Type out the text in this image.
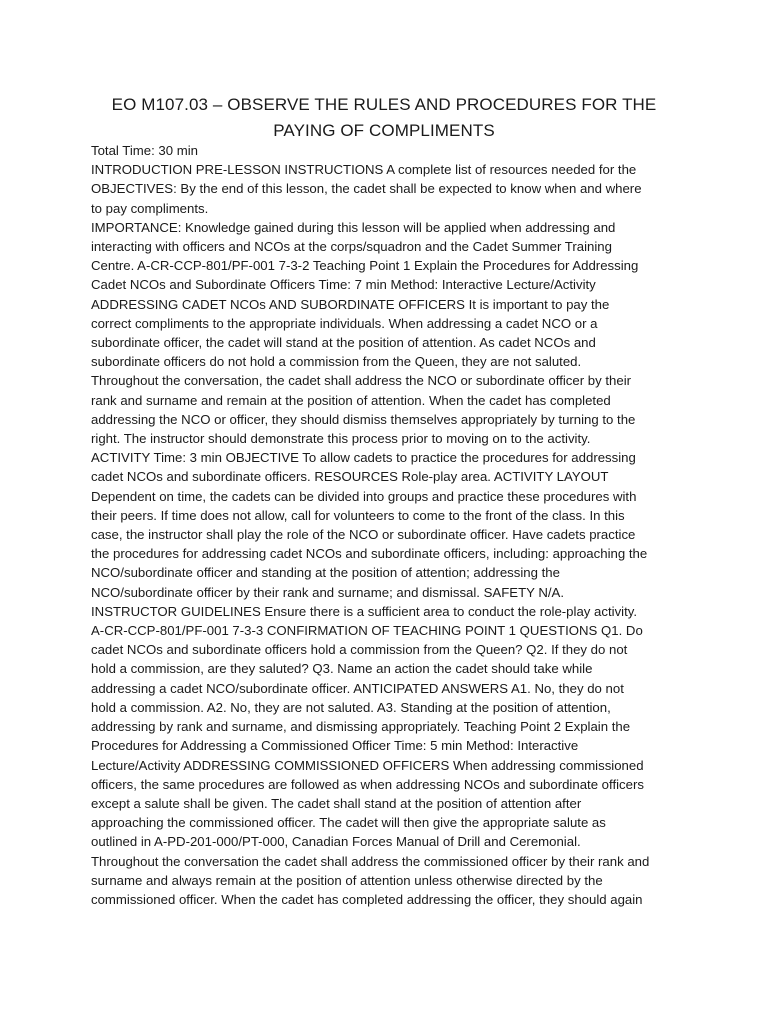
EO M107.03 – OBSERVE THE RULES AND PROCEDURES FOR THE
PAYING OF COMPLIMENTS
Total Time: 30 min
INTRODUCTION PRE-LESSON INSTRUCTIONS A complete list of resources needed for the
OBJECTIVES: By the end of this lesson, the cadet shall be expected to know when and where
to pay compliments.
IMPORTANCE: Knowledge gained during this lesson will be applied when addressing and
interacting with officers and NCOs at the corps/squadron and the Cadet Summer Training
Centre. A-CR-CCP-801/PF-001 7-3-2 Teaching Point 1 Explain the Procedures for Addressing
Cadet NCOs and Subordinate Officers Time: 7 min Method: Interactive Lecture/Activity
ADDRESSING CADET NCOs AND SUBORDINATE OFFICERS It is important to pay the
correct compliments to the appropriate individuals. When addressing a cadet NCO or a
subordinate officer, the cadet will stand at the position of attention. As cadet NCOs and
subordinate officers do not hold a commission from the Queen, they are not saluted.
Throughout the conversation, the cadet shall address the NCO or subordinate officer by their
rank and surname and remain at the position of attention. When the cadet has completed
addressing the NCO or officer, they should dismiss themselves appropriately by turning to the
right. The instructor should demonstrate this process prior to moving on to the activity.
ACTIVITY Time: 3 min OBJECTIVE To allow cadets to practice the procedures for addressing
cadet NCOs and subordinate officers. RESOURCES Role-play area. ACTIVITY LAYOUT
Dependent on time, the cadets can be divided into groups and practice these procedures with
their peers. If time does not allow, call for volunteers to come to the front of the class. In this
case, the instructor shall play the role of the NCO or subordinate officer. Have cadets practice
the procedures for addressing cadet NCOs and subordinate officers, including: approaching the
NCO/subordinate officer and standing at the position of attention; addressing the
NCO/subordinate officer by their rank and surname; and dismissal. SAFETY N/A.
INSTRUCTOR GUIDELINES Ensure there is a sufficient area to conduct the role-play activity.
A-CR-CCP-801/PF-001 7-3-3 CONFIRMATION OF TEACHING POINT 1 QUESTIONS Q1. Do
cadet NCOs and subordinate officers hold a commission from the Queen? Q2. If they do not
hold a commission, are they saluted? Q3. Name an action the cadet should take while
addressing a cadet NCO/subordinate officer. ANTICIPATED ANSWERS A1. No, they do not
hold a commission. A2. No, they are not saluted. A3. Standing at the position of attention,
addressing by rank and surname, and dismissing appropriately. Teaching Point 2 Explain the
Procedures for Addressing a Commissioned Officer Time: 5 min Method: Interactive
Lecture/Activity ADDRESSING COMMISSIONED OFFICERS When addressing commissioned
officers, the same procedures are followed as when addressing NCOs and subordinate officers
except a salute shall be given. The cadet shall stand at the position of attention after
approaching the commissioned officer. The cadet will then give the appropriate salute as
outlined in A-PD-201-000/PT-000, Canadian Forces Manual of Drill and Ceremonial.
Throughout the conversation the cadet shall address the commissioned officer by their rank and
surname and always remain at the position of attention unless otherwise directed by the
commissioned officer. When the cadet has completed addressing the officer, they should again
